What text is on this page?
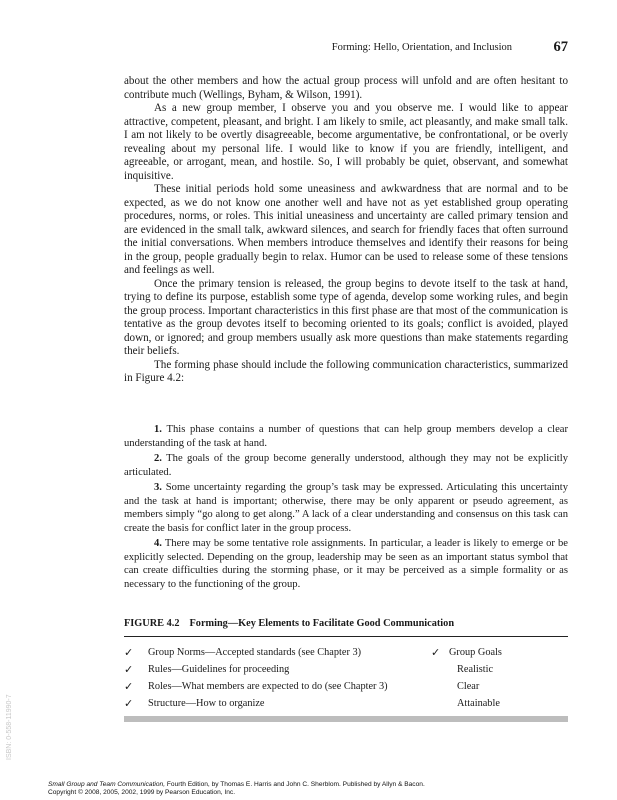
Forming: Hello, Orientation, and Inclusion	67

about the other members and how the actual group process will unfold and are often hesitant to contribute much (Wellings, Byham, & Wilson, 1991).

As a new group member, I observe you and you observe me. I would like to appear attractive, competent, pleasant, and bright. I am likely to smile, act pleasantly, and make small talk. I am not likely to be overtly disagreeable, become argumentative, be confrontational, or be overly revealing about my personal life. I would like to know if you are friendly, intelligent, and agreeable, or arrogant, mean, and hostile. So, I will probably be quiet, observant, and somewhat inquisitive.

These initial periods hold some uneasiness and awkwardness that are normal and to be expected, as we do not know one another well and have not as yet established group operating procedures, norms, or roles. This initial uneasiness and uncertainty are called primary tension and are evidenced in the small talk, awkward silences, and search for friendly faces that often surround the initial conversations. When members introduce themselves and identify their reasons for being in the group, people gradually begin to relax. Humor can be used to release some of these tensions and feelings as well.

Once the primary tension is released, the group begins to devote itself to the task at hand, trying to define its purpose, establish some type of agenda, develop some working rules, and begin the group process. Important characteristics in this first phase are that most of the communication is tentative as the group devotes itself to becoming oriented to its goals; conflict is avoided, played down, or ignored; and group members usually ask more questions than make statements regarding their beliefs.

The forming phase should include the following communication characteristics, summarized in Figure 4.2:

1. This phase contains a number of questions that can help group members develop a clear understanding of the task at hand.

2. The goals of the group become generally understood, although they may not be explicitly articulated.

3. Some uncertainty regarding the group’s task may be expressed. Articulating this uncertainty and the task at hand is important; otherwise, there may be only apparent or pseudo agreement, as members simply “go along to get along.” A lack of a clear understanding and consensus on this task can create the basis for conflict later in the group process.

4. There may be some tentative role assignments. In particular, a leader is likely to emerge or be explicitly selected. Depending on the group, leadership may be seen as an important status symbol that can create difficulties during the storming phase, or it may be perceived as a simple formality or as necessary to the functioning of the group.

FIGURE 4.2 Forming—Key Elements to Facilitate Good Communication
✓ Group Norms—Accepted standards (see Chapter 3)
✓ Rules—Guidelines for proceeding
✓ Roles—What members are expected to do (see Chapter 3)
✓ Structure—How to organize
✓ Group Goals
Realistic
Clear
Attainable
ISBN: 0-558-11990-7
Small Group and Team Communication, Fourth Edition, by Thomas E. Harris and John C. Sherblom. Published by Allyn & Bacon.
Copyright © 2008, 2005, 2002, 1999 by Pearson Education, Inc.
